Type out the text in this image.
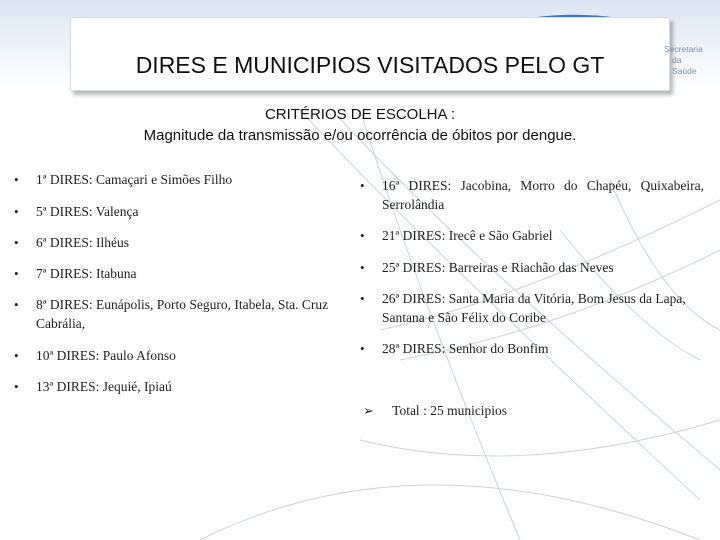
DIRES E MUNICIPIOS VISITADOS PELO GT
Secretaria
da Saúde
CRITÉRIOS DE ESCOLHA :
Magnitude da transmissão e/ou ocorrência de óbitos por dengue.
• 1ª DIRES: Camaçari e Simões Filho
• 5ª DIRES: Valença
• 6ª DIRES: Ilhéus
• 7ª DIRES: Itabuna
• 8ª DIRES: Eunápolis, Porto Seguro, Itabela, Sta. Cruz Cabrália,
• 10ª DIRES: Paulo Afonso
• 13ª DIRES: Jequié, Ipiaú
• 16ª DIRES: Jacobina, Morro do Chapéu, Quixabeira, Serrolândia
• 21ª DIRES: Irecê e São Gabriel
• 25ª DIRES: Barreiras e Riachão das Neves
• 26ª DIRES: Santa Maria da Vitória, Bom Jesus da Lapa, Santana e São Félix do Coribe
• 28ª DIRES: Senhor do Bonfim
➢ Total : 25 municipios
